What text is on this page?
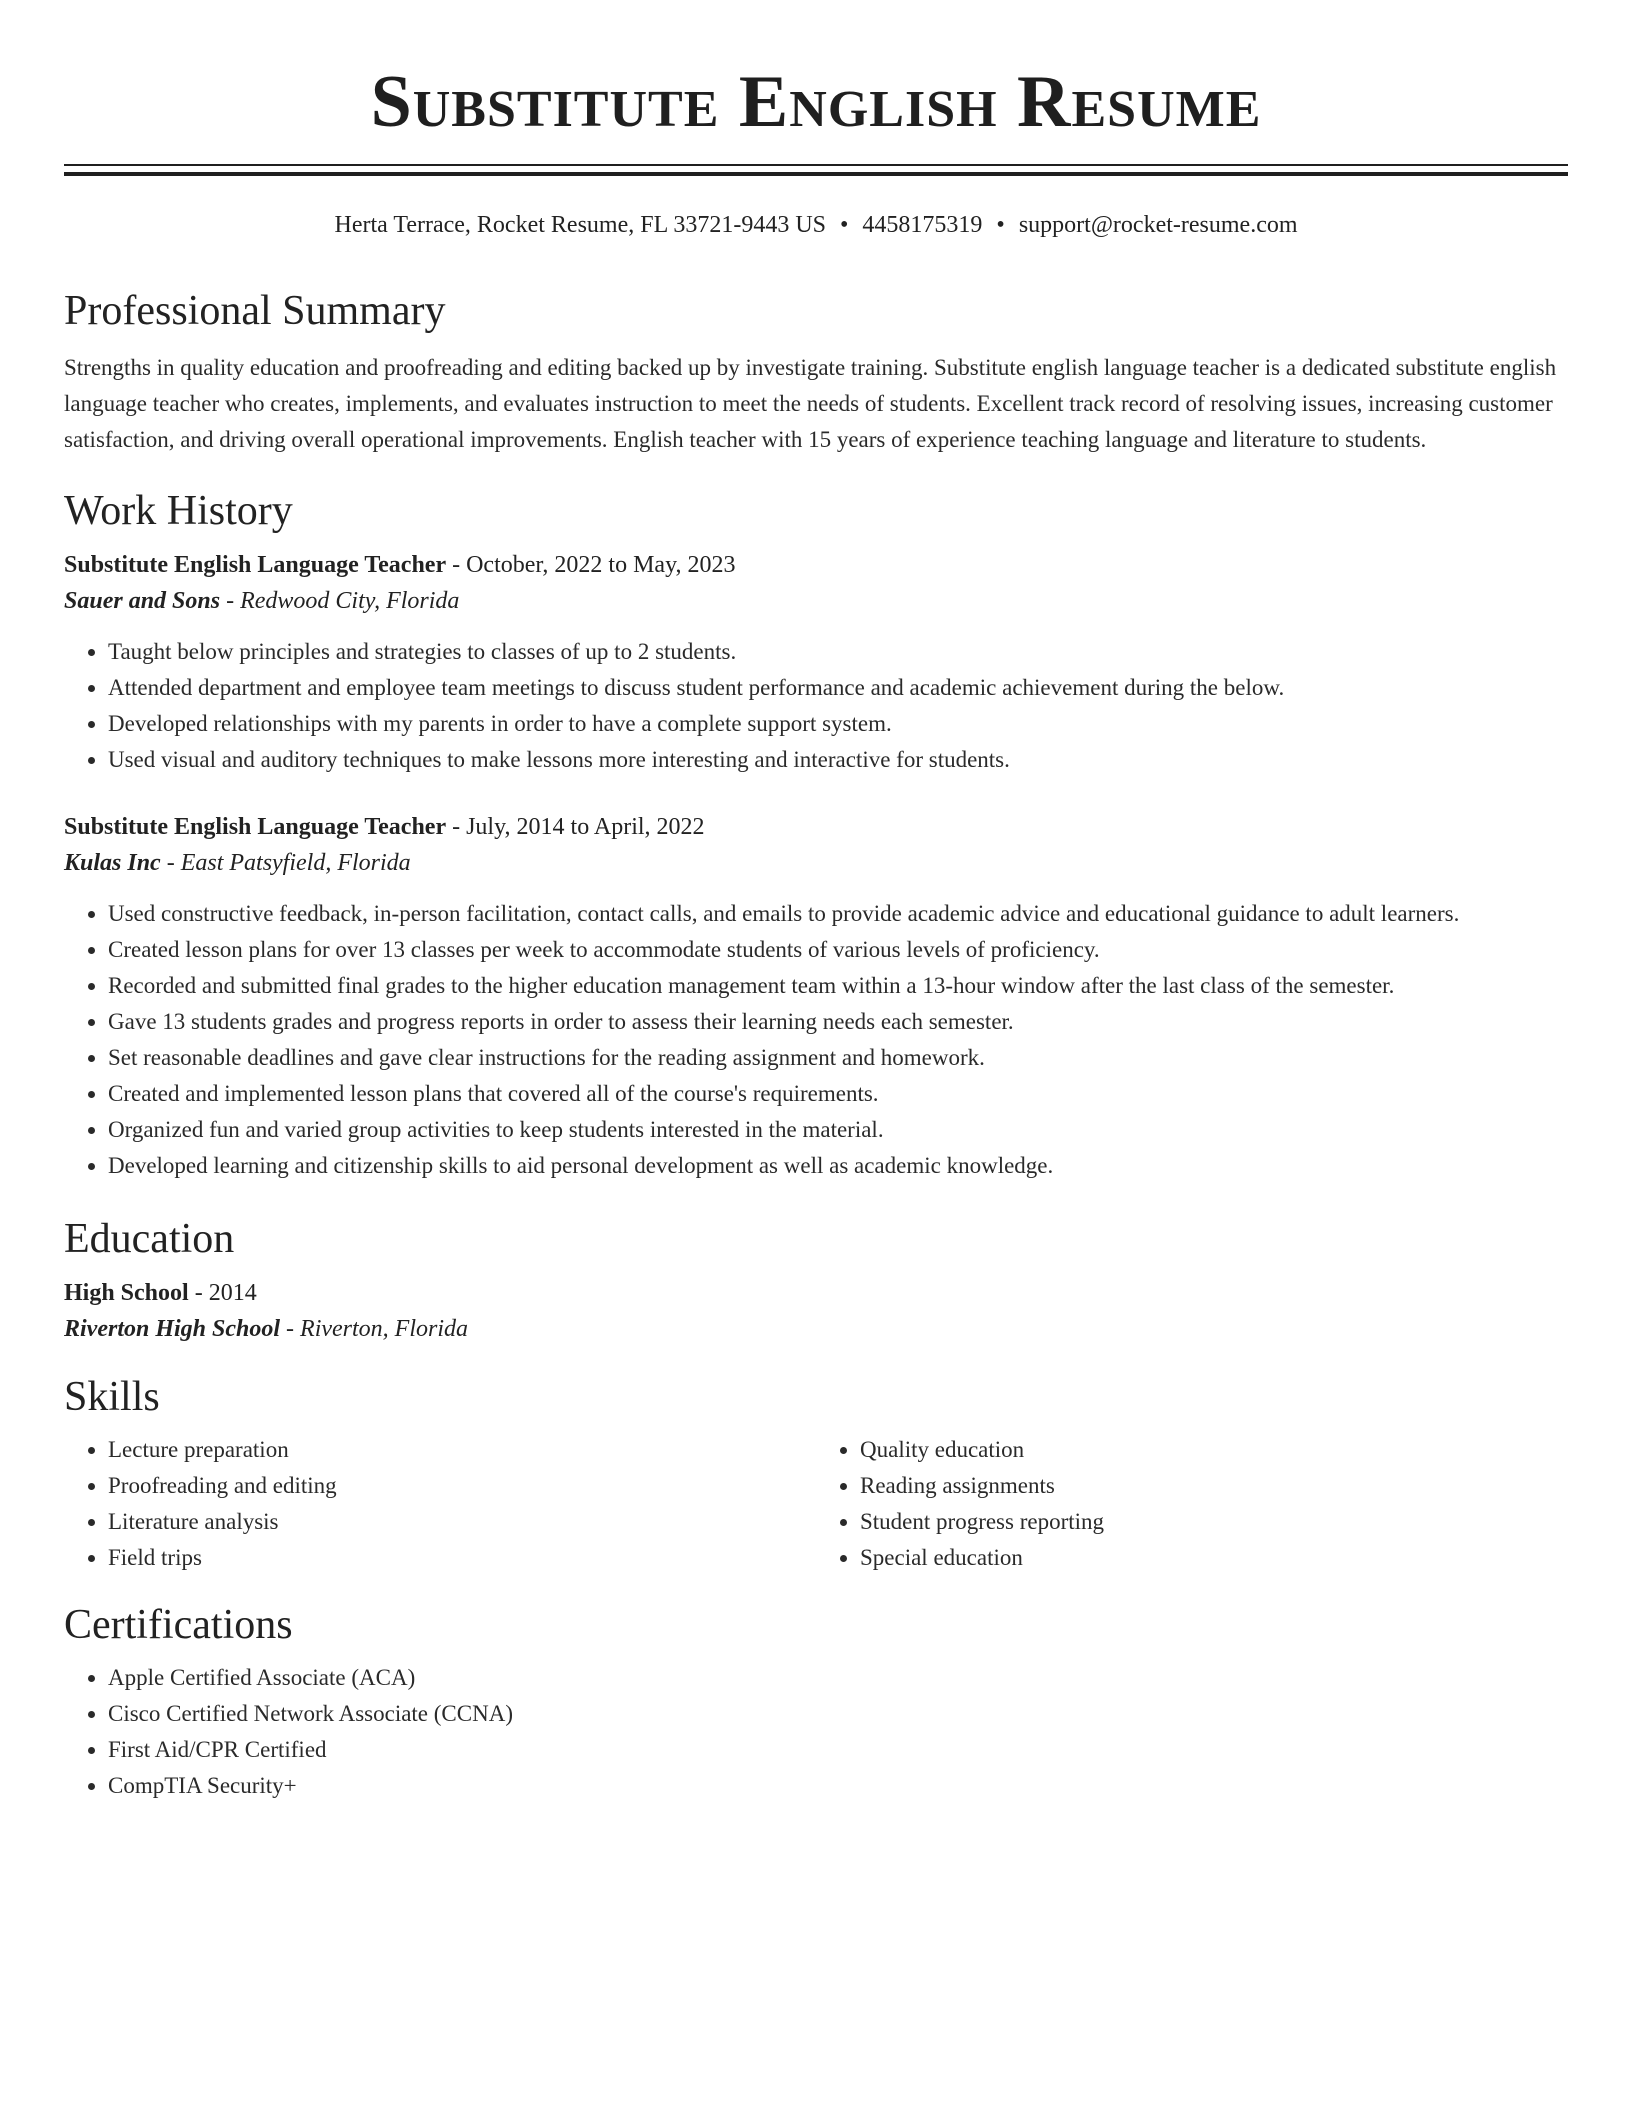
Substitute English Resume
Herta Terrace, Rocket Resume, FL 33721-9443 US • 4458175319 • support@rocket-resume.com
Professional Summary

Strengths in quality education and proofreading and editing backed up by investigate training. Substitute english language teacher is a dedicated substitute english language teacher who creates, implements, and evaluates instruction to meet the needs of students. Excellent track record of resolving issues, increasing customer satisfaction, and driving overall operational improvements. English teacher with 15 years of experience teaching language and literature to students.

Work History
Substitute English Language Teacher - October, 2022 to May, 2023
Sauer and Sons - Redwood City, Florida
• Taught below principles and strategies to classes of up to 2 students.
• Attended department and employee team meetings to discuss student performance and academic achievement during the below.
• Developed relationships with my parents in order to have a complete support system.
• Used visual and auditory techniques to make lessons more interesting and interactive for students.
Substitute English Language Teacher - July, 2014 to April, 2022
Kulas Inc - East Patsyfield, Florida
• Used constructive feedback, in-person facilitation, contact calls, and emails to provide academic advice and educational guidance to adult learners.
• Created lesson plans for over 13 classes per week to accommodate students of various levels of proficiency.
• Recorded and submitted final grades to the higher education management team within a 13-hour window after the last class of the semester.
• Gave 13 students grades and progress reports in order to assess their learning needs each semester.
• Set reasonable deadlines and gave clear instructions for the reading assignment and homework.
• Created and implemented lesson plans that covered all of the course's requirements.
• Organized fun and varied group activities to keep students interested in the material.
• Developed learning and citizenship skills to aid personal development as well as academic knowledge.
Education
High School - 2014
Riverton High School - Riverton, Florida
Skills
• Lecture preparation
• Proofreading and editing
• Literature analysis
• Field trips
• Quality education
• Reading assignments
• Student progress reporting
• Special education
Certifications
• Apple Certified Associate (ACA)
• Cisco Certified Network Associate (CCNA)
• First Aid/CPR Certified
• CompTIA Security+
